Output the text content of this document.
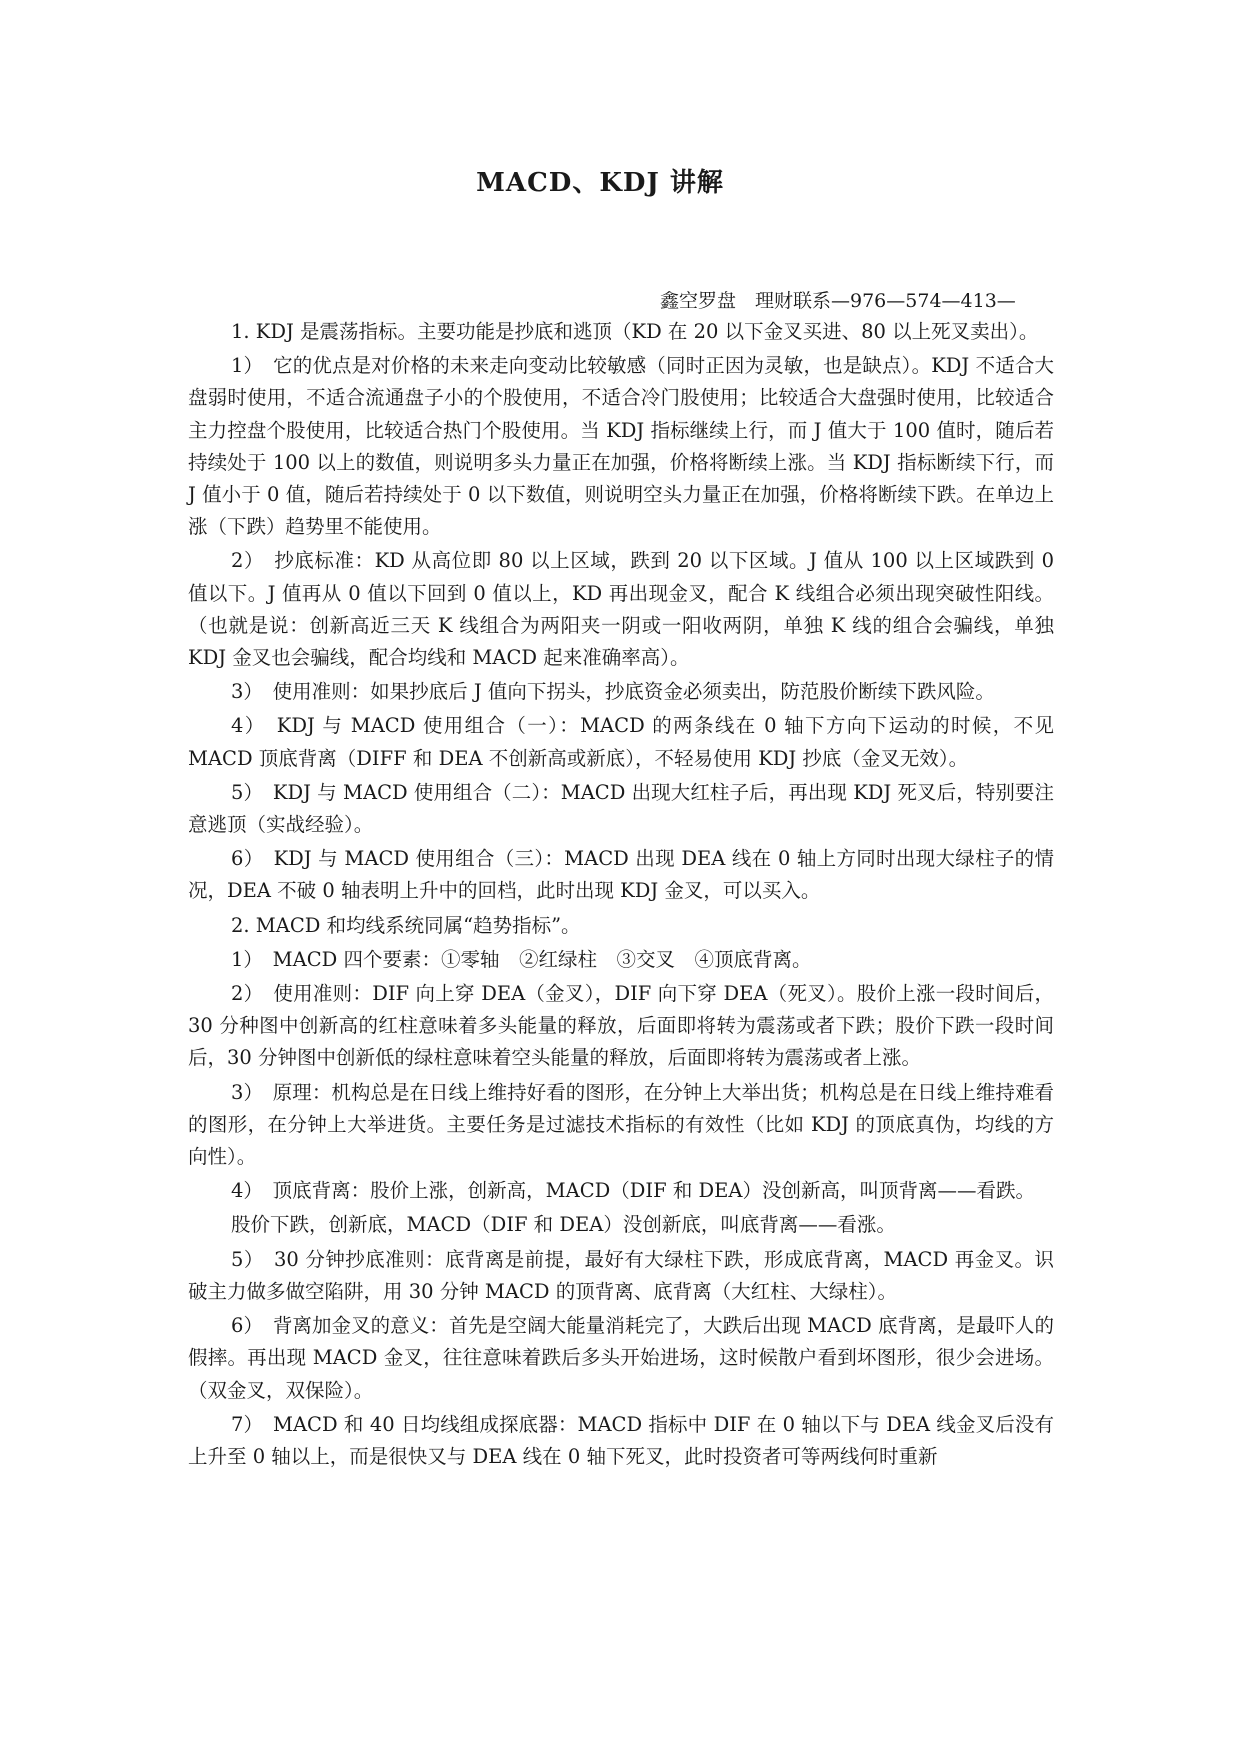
MACD、KDJ 讲解
鑫空罗盘　理财联系—976—574—413—

1. KDJ 是震荡指标。主要功能是抄底和逃顶（KD 在 20 以下金叉买进、80 以上死叉卖出）。

1）　它的优点是对价格的未来走向变动比较敏感（同时正因为灵敏，也是缺点）。KDJ 不适合大盘弱时使用，不适合流通盘子小的个股使用，不适合冷门股使用；比较适合大盘强时使用，比较适合主力控盘个股使用，比较适合热门个股使用。当 KDJ 指标继续上行，而 J 值大于 100 值时，随后若持续处于 100 以上的数值，则说明多头力量正在加强，价格将断续上涨。当 KDJ 指标断续下行，而 J 值小于 0 值，随后若持续处于 0 以下数值，则说明空头力量正在加强，价格将断续下跌。在单边上涨（下跌）趋势里不能使用。

2）　抄底标准：KD 从高位即 80 以上区域，跌到 20 以下区域。J 值从 100 以上区域跌到 0 值以下。J 值再从 0 值以下回到 0 值以上，KD 再出现金叉，配合 K 线组合必须出现突破性阳线。（也就是说：创新高近三天 K 线组合为两阳夹一阴或一阳收两阴，单独 K 线的组合会骗线，单独 KDJ 金叉也会骗线，配合均线和 MACD 起来准确率高）。

3）　使用准则：如果抄底后 J 值向下拐头，抄底资金必须卖出，防范股价断续下跌风险。

4）　KDJ 与 MACD 使用组合（一）：MACD 的两条线在 0 轴下方向下运动的时候，不见 MACD 顶底背离（DIFF 和 DEA 不创新高或新底），不轻易使用 KDJ 抄底（金叉无效）。

5）　KDJ 与 MACD 使用组合（二）：MACD 出现大红柱子后，再出现 KDJ 死叉后，特别要注意逃顶（实战经验）。

6）　KDJ 与 MACD 使用组合（三）：MACD 出现 DEA 线在 0 轴上方同时出现大绿柱子的情况，DEA 不破 0 轴表明上升中的回档，此时出现 KDJ 金叉，可以买入。

2. MACD 和均线系统同属“趋势指标”。

1）　MACD 四个要素：①零轴　②红绿柱　③交叉　④顶底背离。

2）　使用准则：DIF 向上穿 DEA（金叉），DIF 向下穿 DEA（死叉）。股价上涨一段时间后，30 分种图中创新高的红柱意味着多头能量的释放，后面即将转为震荡或者下跌；股价下跌一段时间后，30 分钟图中创新低的绿柱意味着空头能量的释放，后面即将转为震荡或者上涨。

3）　原理：机构总是在日线上维持好看的图形，在分钟上大举出货；机构总是在日线上维持难看的图形，在分钟上大举进货。主要任务是过滤技术指标的有效性（比如 KDJ 的顶底真伪，均线的方向性）。

4）　顶底背离：股价上涨，创新高，MACD（DIF 和 DEA）没创新高，叫顶背离——看跌。

股价下跌，创新底，MACD（DIF 和 DEA）没创新底，叫底背离——看涨。

5）　30 分钟抄底准则：底背离是前提，最好有大绿柱下跌，形成底背离，MACD 再金叉。识破主力做多做空陷阱，用 30 分钟 MACD 的顶背离、底背离（大红柱、大绿柱）。

6）　背离加金叉的意义：首先是空阔大能量消耗完了，大跌后出现 MACD 底背离，是最吓人的假摔。再出现 MACD 金叉，往往意味着跌后多头开始进场，这时候散户看到坏图形，很少会进场。（双金叉，双保险）。

7）　MACD 和 40 日均线组成探底器：MACD 指标中 DIF 在 0 轴以下与 DEA 线金叉后没有上升至 0 轴以上，而是很快又与 DEA 线在 0 轴下死叉，此时投资者可等两线何时重新
